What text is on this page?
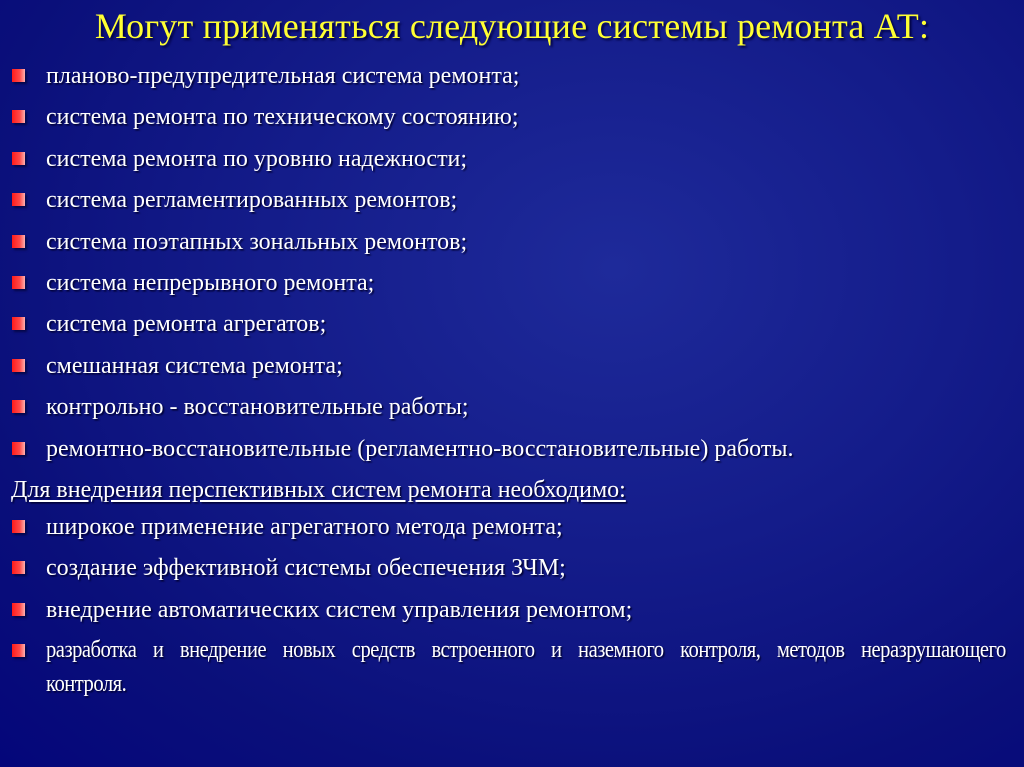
Могут применяться следующие системы ремонта АТ:
планово-предупредительная система ремонта;
система ремонта по техническому состоянию;
система ремонта по уровню надежности;
система регламентированных ремонтов;
система поэтапных зональных ремонтов;
система непрерывного ремонта;
система ремонта агрегатов;
смешанная система ремонта;
контрольно - восстановительные работы;
ремонтно-восстановительные (регламентно-восстановительные) работы.
Для внедрения перспективных систем ремонта необходимо:
широкое применение агрегатного метода ремонта;
создание эффективной системы обеспечения ЗЧМ;
внедрение автоматических систем управления ремонтом;
разработка и внедрение новых средств встроенного и наземного контроля, методов неразрушающего контроля.
